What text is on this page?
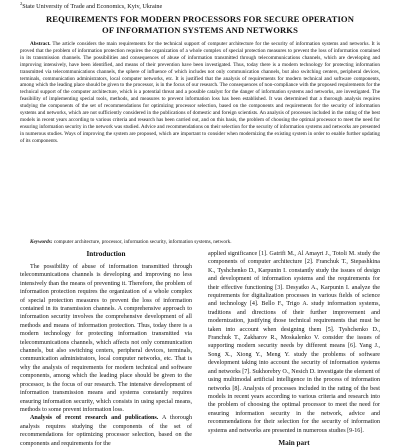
$^2$State University of Trade and Economics, Kyiv, Ukraine
REQUIREMENTS FOR MODERN PROCESSORS FOR SECURE OPERATION
OF INFORMATION SYSTEMS AND NETWORKS

Abstract. The article considers the main requirements for the technical support of computer architecture for the security of information systems and networks. It is proved that the problem of information protection requires the organization of a whole complex of special protection measures to prevent the loss of information contained in its transmission channels. The possibilities and consequences of abuse of information transmitted through telecommunications channels, which are developing and improving intensively, have been identified, and means of their prevention have been investigated. Thus, today there is a modern technology for protecting information transmitted via telecommunications channels, the sphere of influence of which includes not only communication channels, but also switching centers, peripheral devices, terminals, communication administrators, local computer networks, etc. It is justified that the analysis of requirements for modern technical and software components, among which the leading place should be given to the processor, is in the focus of our research. The consequences of non-compliance with the proposed requirements for the technical support of the computer architecture, which is a potential threat and a possible catalyst for the danger of information systems and networks, are investigated. The feasibility of implementing special tools, methods, and measures to prevent information loss has been established. It was determined that a thorough analysis requires studying the components of the set of recommendations for optimizing processor selection, based on the components and requirements for the security of information systems and networks, which are not sufficiently considered in the publications of domestic and foreign scientists. An analysis of processes included in the rating of the best models in recent years according to various criteria and research has been carried out, and on this basis, the problem of choosing the optimal processor to meet the need for ensuring information security in the network was studied. Advice and recommendations on their selection for the security of information systems and networks are presented in numerous studies. Ways of improving the system are proposed, which are important to consider when modernizing the existing system in order to enable further updating of its components.

Keywords: computer architecture, processor, information security, information systems, network.

Introduction

The possibility of abuse of information transmitted through telecommunications channels is developing and improving no less intensively than the means of preventing it. Therefore, the problem of information protection requires the organization of a whole complex of special protection measures to prevent the loss of information contained in its transmission channels. A comprehensive approach to information security involves the comprehensive development of all methods and means of information protection. Thus, today there is a modern technology for protecting information transmitted via telecommunications channels, which affects not only communication channels, but also switching centers, peripheral devices, terminals, communication administrators, local computer networks, etc. That is why the analysis of requirements for modern technical and software components, among which the leading place should be given to the processor, is the focus of our research. The intensive development of information transmission means and systems constantly requires ensuring information security, which consists in using special means, methods to some prevent information loss.

Analysis of recent research and publications. A thorough analysis requires studying the components of the set of recommendations for optimizing processor selection, based on the components and requirements for the

applied significance [1]. Gatrifi M., Al Amayri J., Totoli M. study the components of computer architecture [2]. Franchuk T., Stepashkina K., Tyshchenko D., Karpunin I. constantly study the issues of design and development of information systems and the requirements for their effective functioning [3]. Desyatko A., Karpunin I. analyze the requirements for digitalization processes in various fields of science and technology [4]. Bello F., Trigo A. study information systems, traditions and directions of their further improvement and modernization, justifying those technical requirements that must be taken into account when designing them [5]. Tyshchenko D., Franchuk T., Zakharov R., Moskalenko V. consider the issues of supporting modern security needs by different means [6]. Yang J., Song X., Xiong Y., Meng Y. study the problems of software development taking into account the security of information systems and networks [7]. Sukhorebry O., Nesich D. investigate the element of using multimodal artificial intelligence in the process of information networks [8]. Analysis of processes included in the rating of the best models in recent years according to various criteria and research into the problem of choosing the optimal processor to meet the need for ensuring information security in the network, advice and recommendations for their selection for the security of information systems and networks are presented in numerous studies [9-16].

Main part
